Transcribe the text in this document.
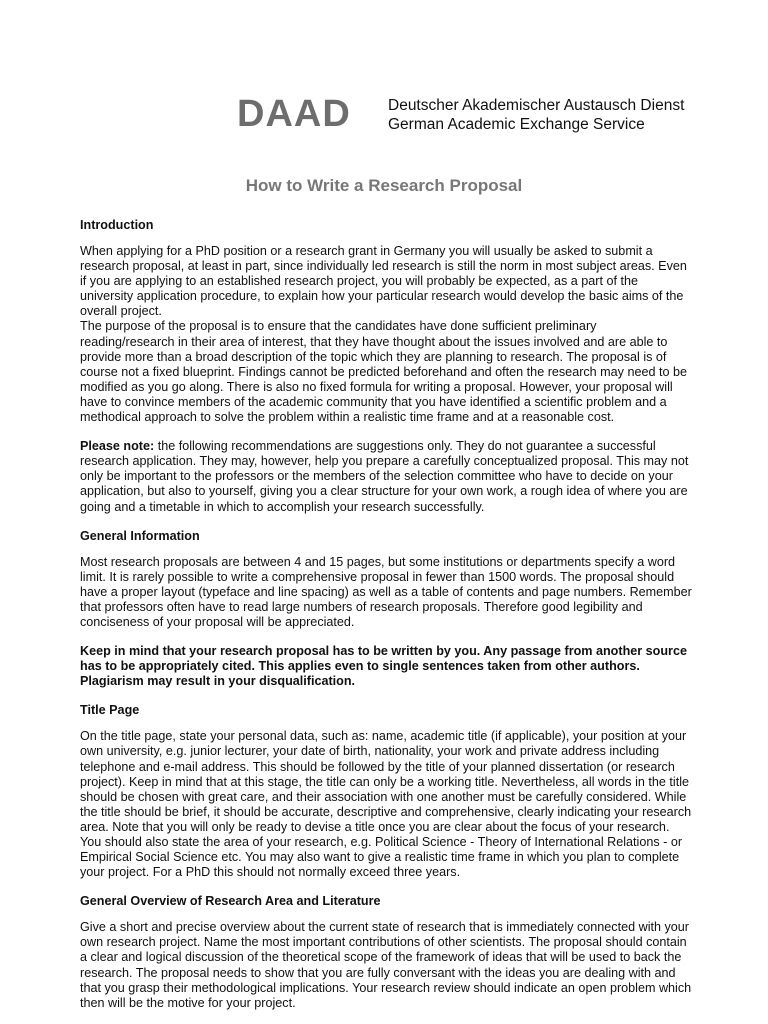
DAAD Deutscher Akademischer Austausch Dienst
German Academic Exchange Service
How to Write a Research Proposal
Introduction

When applying for a PhD position or a research grant in Germany you will usually be asked to submit a research proposal, at least in part, since individually led research is still the norm in most subject areas. Even if you are applying to an established research project, you will probably be expected, as a part of the university application procedure, to explain how your particular research would develop the basic aims of the overall project.

The purpose of the proposal is to ensure that the candidates have done sufficient preliminary reading/research in their area of interest, that they have thought about the issues involved and are able to provide more than a broad description of the topic which they are planning to research. The proposal is of course not a fixed blueprint. Findings cannot be predicted beforehand and often the research may need to be modified as you go along. There is also no fixed formula for writing a proposal. However, your proposal will have to convince members of the academic community that you have identified a scientific problem and a methodical approach to solve the problem within a realistic time frame and at a reasonable cost.

Please note: the following recommendations are suggestions only. They do not guarantee a successful research application. They may, however, help you prepare a carefully conceptualized proposal. This may not only be important to the professors or the members of the selection committee who have to decide on your application, but also to yourself, giving you a clear structure for your own work, a rough idea of where you are going and a timetable in which to accomplish your research successfully.

General Information

Most research proposals are between 4 and 15 pages, but some institutions or departments specify a word limit. It is rarely possible to write a comprehensive proposal in fewer than 1500 words. The proposal should have a proper layout (typeface and line spacing) as well as a table of contents and page numbers. Remember that professors often have to read large numbers of research proposals. Therefore good legibility and conciseness of your proposal will be appreciated.

Keep in mind that your research proposal has to be written by you. Any passage from another source has to be appropriately cited. This applies even to single sentences taken from other authors. Plagiarism may result in your disqualification.

Title Page

On the title page, state your personal data, such as: name, academic title (if applicable), your position at your own university, e.g. junior lecturer, your date of birth, nationality, your work and private address including telephone and e-mail address. This should be followed by the title of your planned dissertation (or research project). Keep in mind that at this stage, the title can only be a working title. Nevertheless, all words in the title should be chosen with great care, and their association with one another must be carefully considered. While the title should be brief, it should be accurate, descriptive and comprehensive, clearly indicating your research area. Note that you will only be ready to devise a title once you are clear about the focus of your research. You should also state the area of your research, e.g. Political Science - Theory of International Relations - or Empirical Social Science etc. You may also want to give a realistic time frame in which you plan to complete your project. For a PhD this should not normally exceed three years.

General Overview of Research Area and Literature

Give a short and precise overview about the current state of research that is immediately connected with your own research project. Name the most important contributions of other scientists. The proposal should contain a clear and logical discussion of the theoretical scope of the framework of ideas that will be used to back the research. The proposal needs to show that you are fully conversant with the ideas you are dealing with and that you grasp their methodological implications. Your research review should indicate an open problem which then will be the motive for your project.
